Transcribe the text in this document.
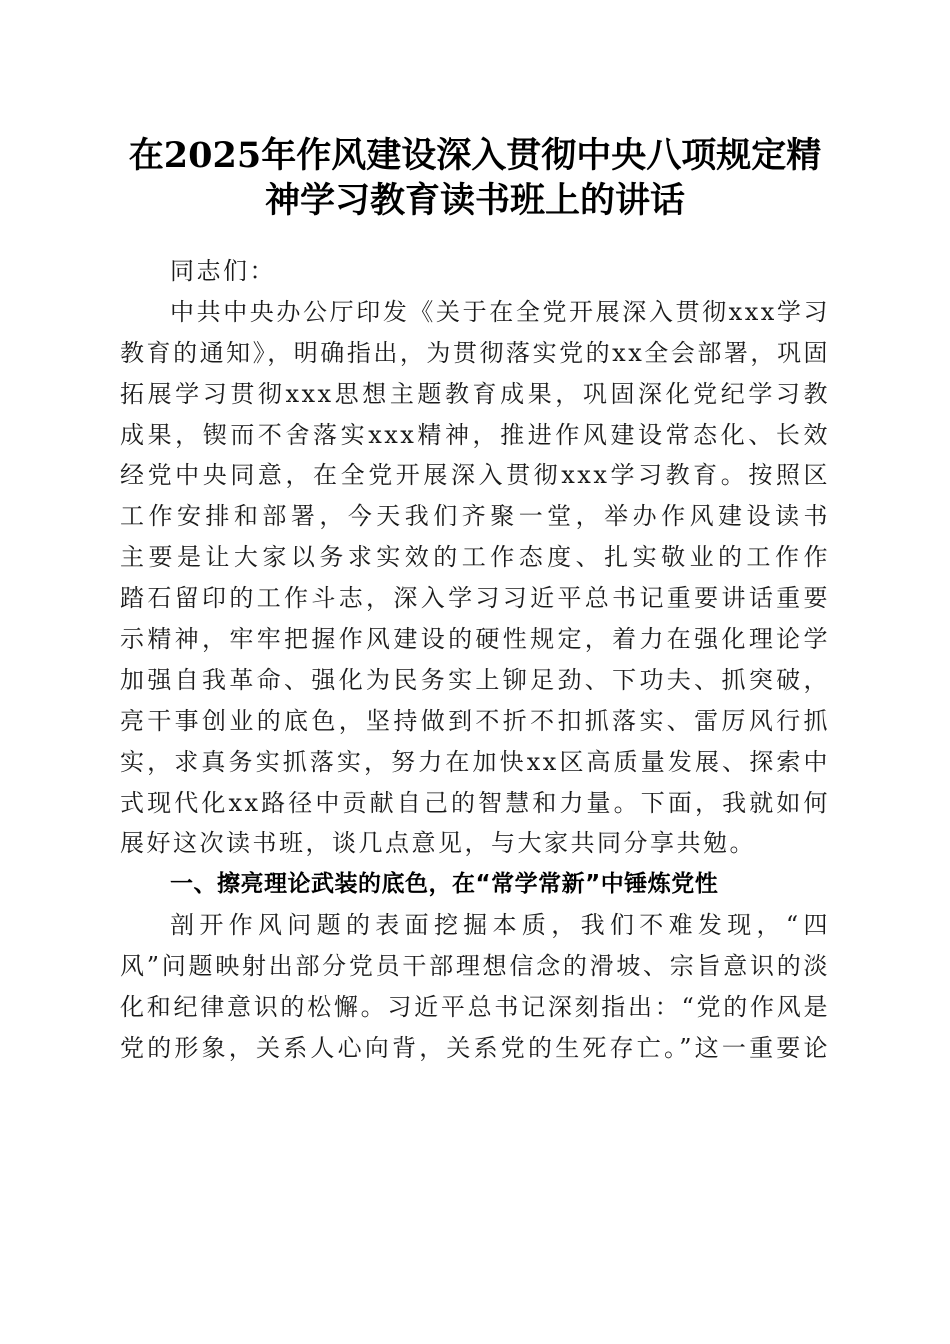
在2025年作风建设深入贯彻中央八项规定精
神学习教育读书班上的讲话
同志们：
中共中央办公厅印发《关于在全党开展深入贯彻xxx学习
教育的通知》，明确指出，为贯彻落实党的xx全会部署，巩固
拓展学习贯彻xxx思想主题教育成果，巩固深化党纪学习教
成果，锲而不舍落实xxx精神，推进作风建设常态化、长效
经党中央同意，在全党开展深入贯彻xxx学习教育。按照区
工作安排和部署，今天我们齐聚一堂，举办作风建设读书
主要是让大家以务求实效的工作态度、扎实敬业的工作作
踏石留印的工作斗志，深入学习习近平总书记重要讲话重要
示精神，牢牢把握作风建设的硬性规定，着力在强化理论学
加强自我革命、强化为民务实上铆足劲、下功夫、抓突破，
亮干事创业的底色，坚持做到不折不扣抓落实、雷厉风行抓
实，求真务实抓落实，努力在加快xx区高质量发展、探索中
式现代化xx路径中贡献自己的智慧和力量。下面，我就如何
展好这次读书班，谈几点意见，与大家共同分享共勉。
一、擦亮理论武装的底色，在“常学常新”中锤炼党性
剖开作风问题的表面挖掘本质，我们不难发现，“四
风”问题映射出部分党员干部理想信念的滑坡、宗旨意识的淡
化和纪律意识的松懈。习近平总书记深刻指出：“党的作风是
党的形象，关系人心向背，关系党的生死存亡。”这一重要论
